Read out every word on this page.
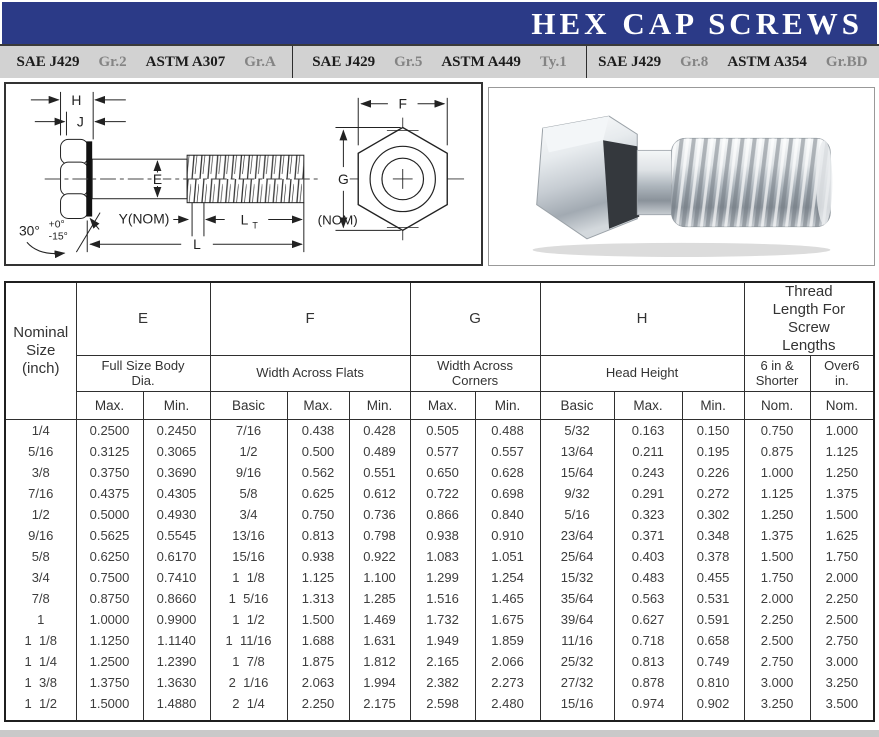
HEX CAP SCREWS
SAE J429 Gr.2 ASTM A307 Gr.A SAE J429 Gr.5 ASTM A449 Ty.1 SAE J429 Gr.8 ASTM A354 Gr.BD
H
J
E
Y(NOM)	L T	(NOM)
L
30° +0°
-15°
F
G
Nominal Size (inch)	E		F			G		H			Thread Length For Screw Lengths	
	Full Size Body Dia.		Width Across Flats			Width Across Corners		Head Height			6 in & Shorter	Over6 in.
	Max.	Min.	Basic	Max.	Min.	Max.	Min.	Basic	Max.	Min.	Nom.	Nom.
1/4	0.2500	0.2450	7/16	0.438	0.428	0.505	0.488	5/32	0.163	0.150	0.750	1.000
5/16	0.3125	0.3065	1/2	0.500	0.489	0.577	0.557	13/64	0.211	0.195	0.875	1.125
3/8	0.3750	0.3690	9/16	0.562	0.551	0.650	0.628	15/64	0.243	0.226	1.000	1.250
7/16	0.4375	0.4305	5/8	0.625	0.612	0.722	0.698	9/32	0.291	0.272	1.125	1.375
1/2	0.5000	0.4930	3/4	0.750	0.736	0.866	0.840	5/16	0.323	0.302	1.250	1.500
9/16	0.5625	0.5545	13/16	0.813	0.798	0.938	0.910	23/64	0.371	0.348	1.375	1.625
5/8	0.6250	0.6170	15/16	0.938	0.922	1.083	1.051	25/64	0.403	0.378	1.500	1.750
3/4	0.7500	0.7410	1  1/8	1.125	1.100	1.299	1.254	15/32	0.483	0.455	1.750	2.000
7/8	0.8750	0.8660	1  5/16	1.313	1.285	1.516	1.465	35/64	0.563	0.531	2.000	2.250
1	1.0000	0.9900	1  1/2	1.500	1.469	1.732	1.675	39/64	0.627	0.591	2.250	2.500
1  1/8	1.1250	1.1140	1  11/16	1.688	1.631	1.949	1.859	11/16	0.718	0.658	2.500	2.750
1  1/4	1.2500	1.2390	1  7/8	1.875	1.812	2.165	2.066	25/32	0.813	0.749	2.750	3.000
1  3/8	1.3750	1.3630	2  1/16	2.063	1.994	2.382	2.273	27/32	0.878	0.810	3.000	3.250
1  1/2	1.5000	1.4880	2  1/4	2.250	2.175	2.598	2.480	15/16	0.974	0.902	3.250	3.500
